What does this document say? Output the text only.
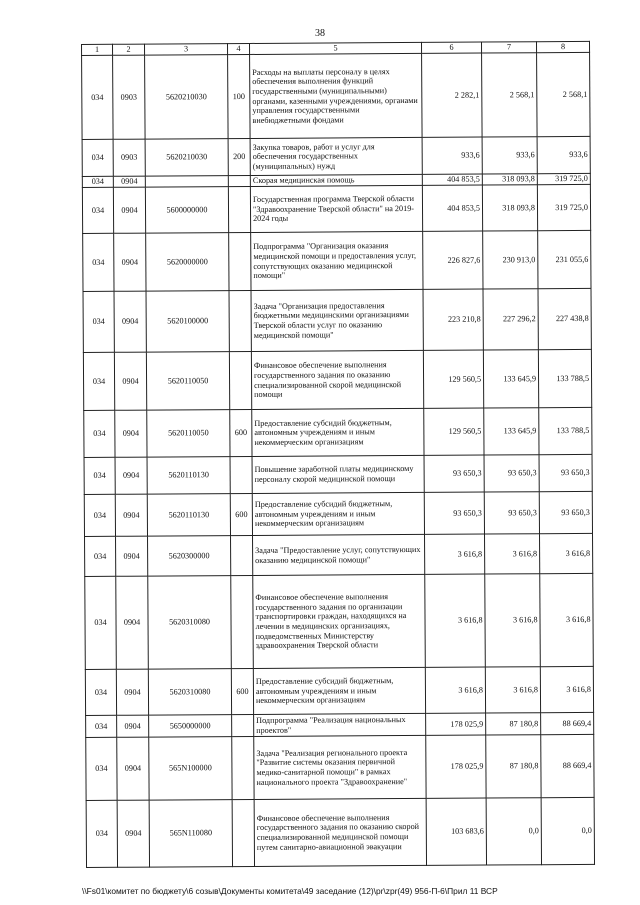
38
1	2	3	4	5	6	7	8
034	0903	5620210030	100	Расходы на выплаты персоналу в целях обеспечения выполнения функций государственными (муниципальными) органами, казенными учреждениями, органами управления государственными внебюджетными фондами	2 282,1	2 568,1	2 568,1
034	0903	5620210030	200	Закупка товаров, работ и услуг для обеспечения государственных (муниципальных) нужд	933,6	933,6	933,6
034	0904			Скорая медицинская помощь	404 853,5	318 093,8	319 725,0
034	0904	5600000000		Государственная программа Тверской области "Здравоохранение Тверской области" на 2019-2024 годы	404 853,5	318 093,8	319 725,0
034	0904	5620000000		Подпрограмма "Организация оказания медицинской помощи и предоставления услуг, сопутствующих оказанию медицинской помощи"	226 827,6	230 913,0	231 055,6
034	0904	5620100000		Задача "Организация предоставления бюджетными медицинскими организациями Тверской области услуг по оказанию медицинской помощи"	223 210,8	227 296,2	227 438,8
034	0904	5620110050		Финансовое обеспечение выполнения государственного задания по оказанию специализированной скорой медицинской помощи	129 560,5	133 645,9	133 788,5
034	0904	5620110050	600	Предоставление субсидий бюджетным, автономным учреждениям и иным некоммерческим организациям	129 560,5	133 645,9	133 788,5
034	0904	5620110130		Повышение заработной платы медицинскому персоналу скорой медицинской помощи	93 650,3	93 650,3	93 650,3
034	0904	5620110130	600	Предоставление субсидий бюджетным, автономным учреждениям и иным некоммерческим организациям	93 650,3	93 650,3	93 650,3
034	0904	5620300000		Задача "Предоставление услуг, сопутствующих оказанию медицинской помощи"	3 616,8	3 616,8	3 616,8
034	0904	5620310080		Финансовое обеспечение выполнения государственного задания по организации транспортировки граждан, находящихся на лечении в медицинских организациях, подведомственных Министерству здравоохранения Тверской области	3 616,8	3 616,8	3 616,8
034	0904	5620310080	600	Предоставление субсидий бюджетным, автономным учреждениям и иным некоммерческим организациям	3 616,8	3 616,8	3 616,8
034	0904	5650000000		Подпрограмма "Реализация национальных проектов"	178 025,9	87 180,8	88 669,4
034	0904	565N100000		Задача "Реализация регионального проекта "Развитие системы оказания первичной медико-санитарной помощи" в рамках национального проекта "Здравоохранение"	178 025,9	87 180,8	88 669,4
034	0904	565N110080		Финансовое обеспечение выполнения государственного задания по оказанию скорой специализированной медицинской помощи путем санитарно-авиационной эвакуации	103 683,6	0,0	0,0
\\Fs01\комитет по бюджету\6 созыв\Документы комитета\49 заседание (12)\pr\zpr(49) 956-П-6\Прил 11 ВСР
